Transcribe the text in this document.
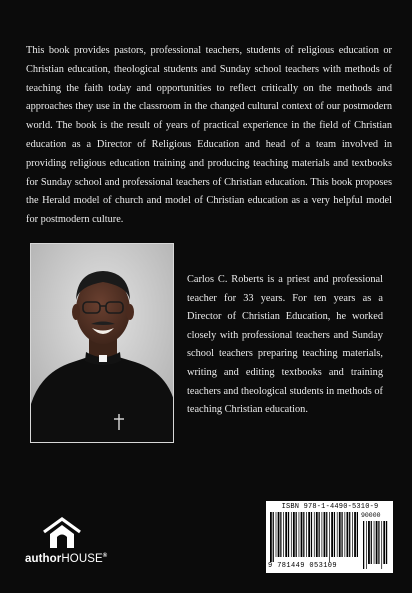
This book provides pastors, professional teachers, students of religious education or Christian education, theological students and Sunday school teachers with methods of teaching the faith today and opportunities to reflect critically on the methods and approaches they use in the classroom in the changed cultural context of our postmodern world. The book is the result of years of practical experience in the field of Christian education as a Director of Religious Education and head of a team involved in providing religious education training and producing teaching materials and textbooks for Sunday school and professional teachers of Christian education. This book proposes the Herald model of church and model of Christian education as a very helpful model for postmodern culture.

Carlos C. Roberts is a priest and professional teacher for 33 years. For ten years as a Director of Christian Education, he worked closely with professional teachers and Sunday school teachers preparing teaching materials, writing and editing textbooks and training teachers and theological students in methods of teaching Christian education.

authorHOUSE®
ISBN 978-1-4490-5310-9
90000
9 781449 053109
